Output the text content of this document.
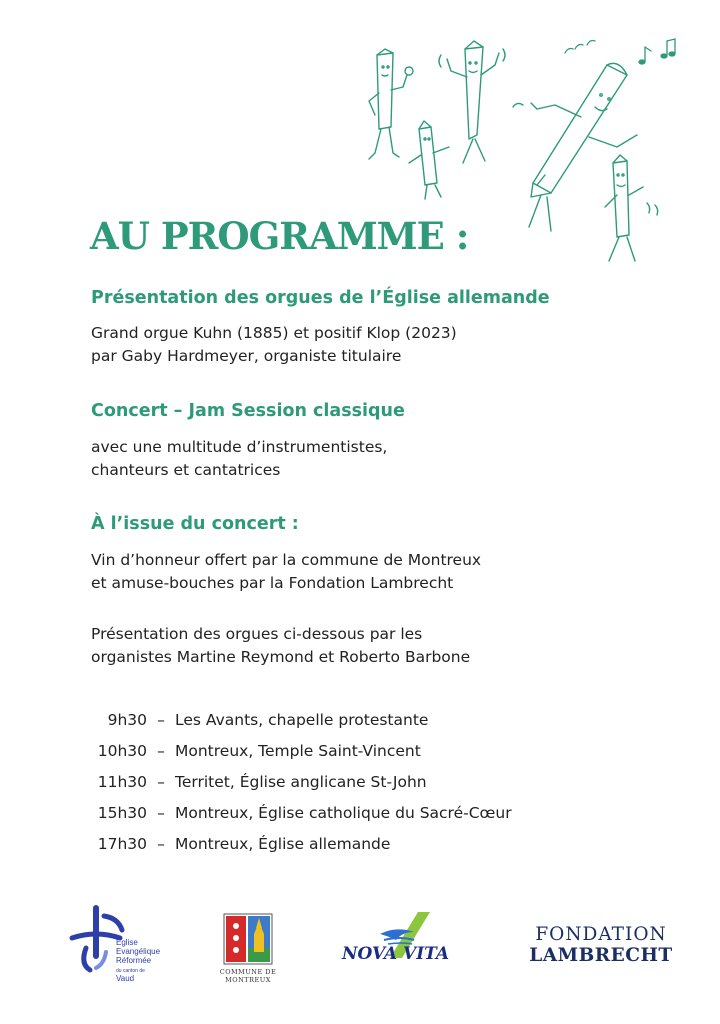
AU PROGRAMME :
Présentation des orgues de l’Église allemande

Grand orgue Kuhn (1885) et positif Klop (2023)
par Gaby Hardmeyer, organiste titulaire

Concert – Jam Session classique

avec une multitude d’instrumentistes,
chanteurs et cantatrices

À l’issue du concert :

Vin d’honneur offert par la commune de Montreux
et amuse-bouches par la Fondation Lambrecht

Présentation des orgues ci-dessous par les
organistes Martine Reymond et Roberto Barbone

9h30 – Les Avants, chapelle protestante
10h30 – Montreux, Temple Saint-Vincent
11h30 – Territet, Église anglicane St-John
15h30 – Montreux, Église catholique du Sacré-Cœur
17h30 – Montreux, Église allemande
Eglise
Evangélique
Réformée
du canton de
Vaud
COMMUNE DE
MONTREUX
NOVA VITA
FONDATION
LAMBRECHT
